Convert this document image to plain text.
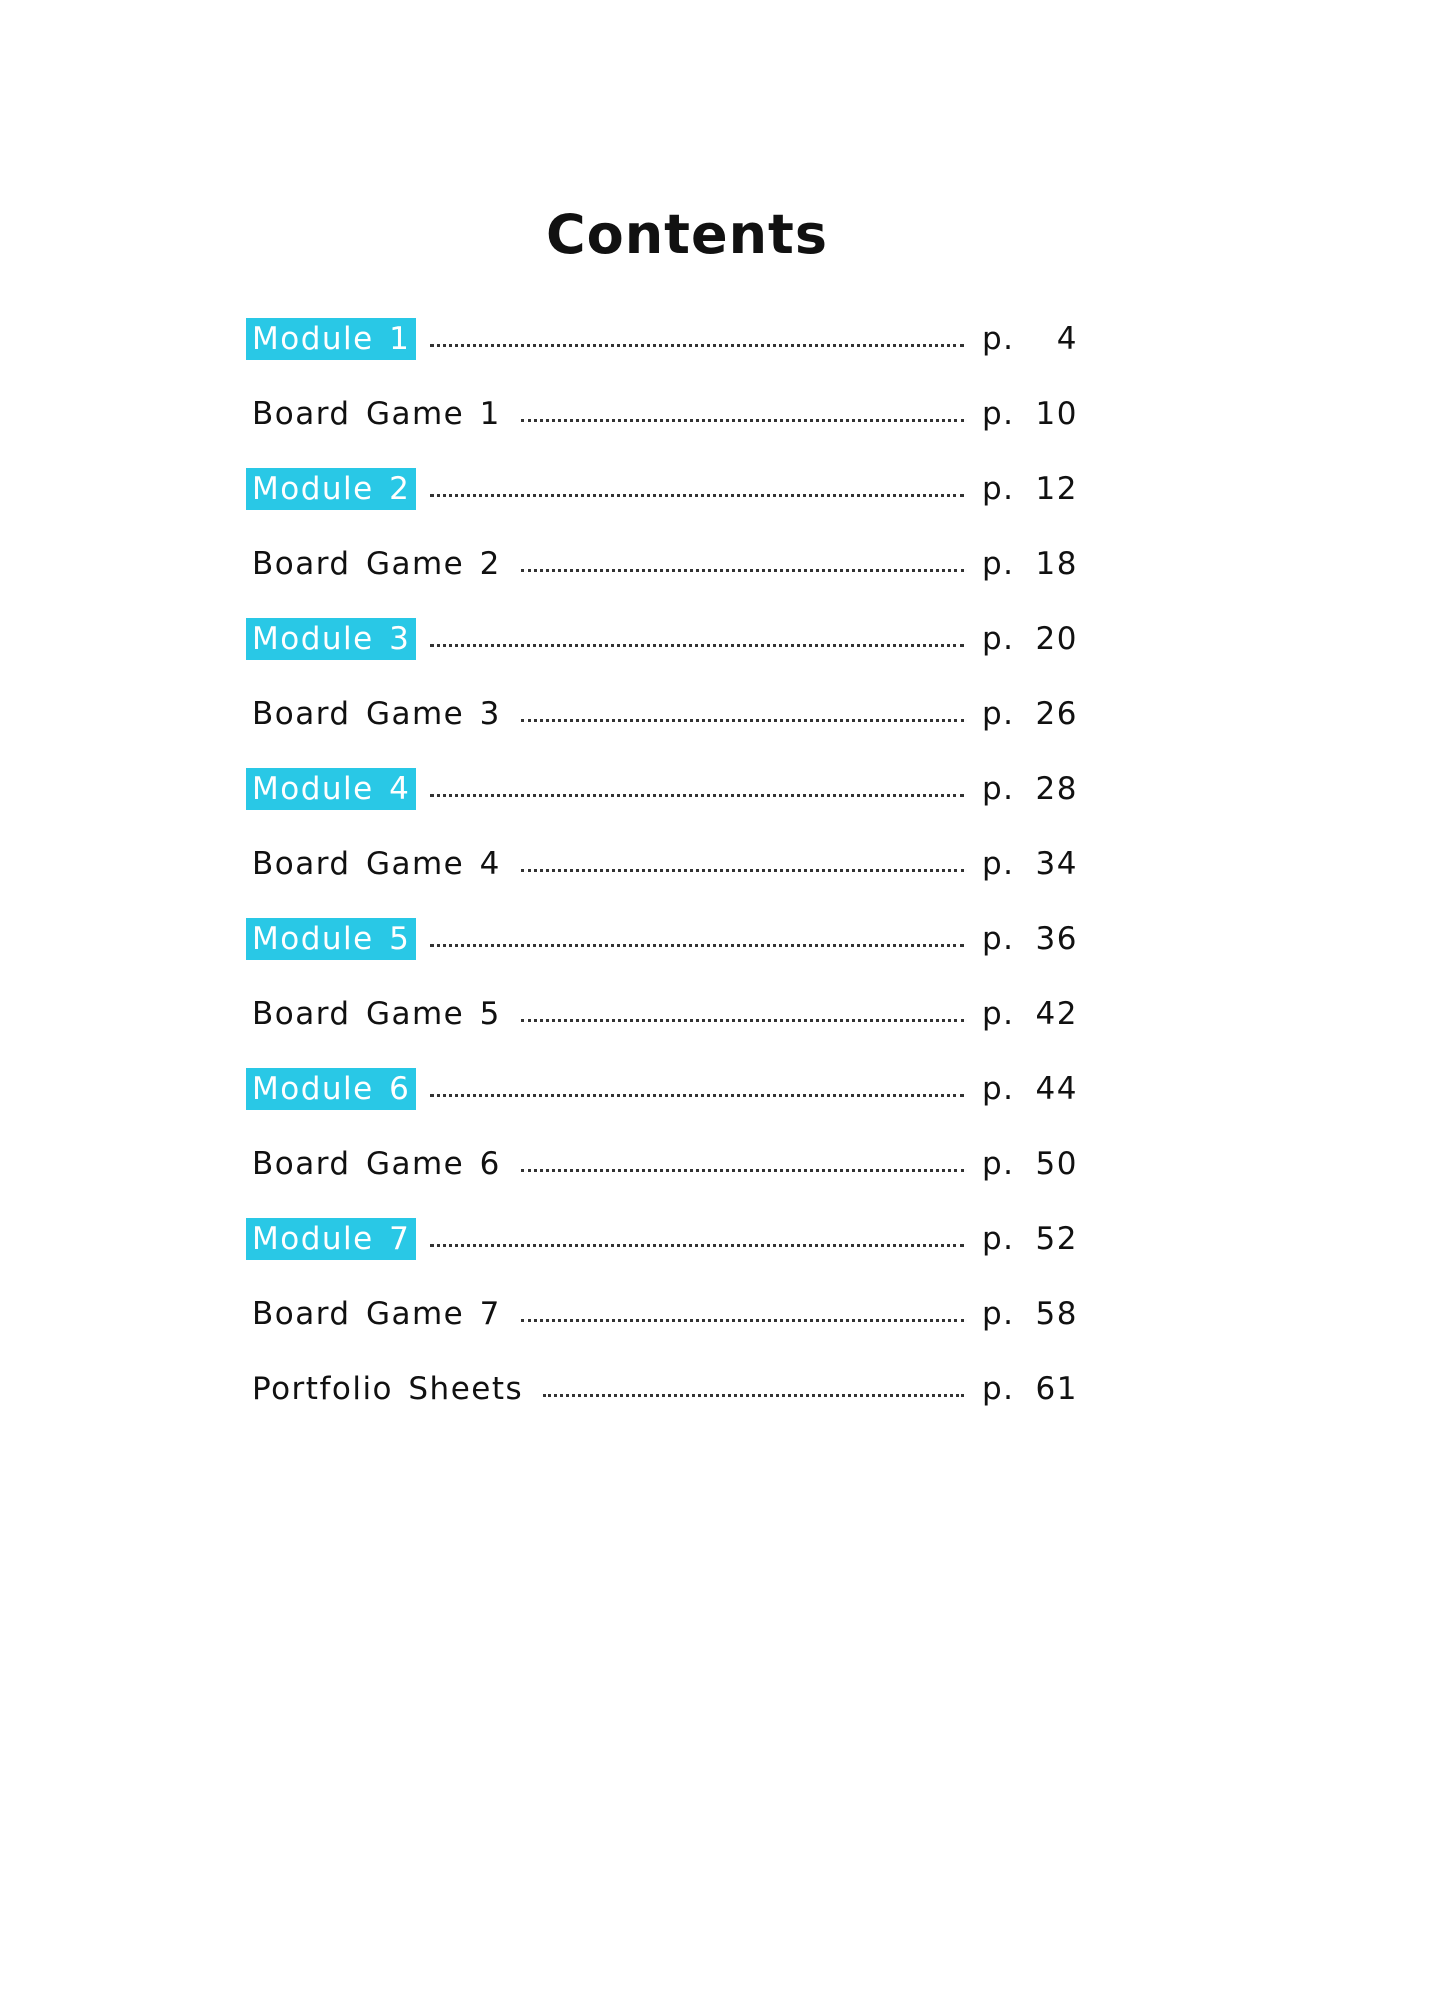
Contents
Module 1	p. 4
Board Game 1	p. 10
Module 2	p. 12
Board Game 2	p. 18
Module 3	p. 20
Board Game 3	p. 26
Module 4	p. 28
Board Game 4	p. 34
Module 5	p. 36
Board Game 5	p. 42
Module 6	p. 44
Board Game 6	p. 50
Module 7	p. 52
Board Game 7	p. 58
Portfolio Sheets	p. 61
